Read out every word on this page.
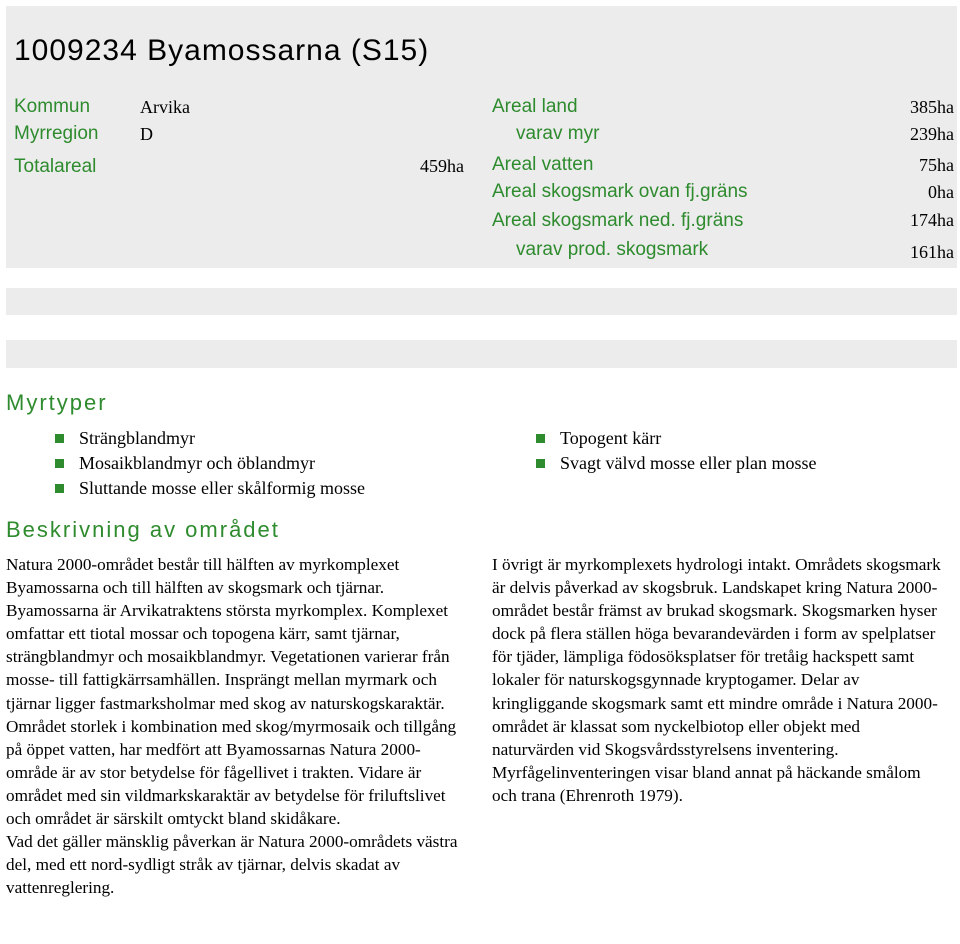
1009234 Byamossarna (S15)
Kommun	Arvika
Myrregion D
Totalareal	459ha
Areal land	385ha
varav myr	239ha
Areal vatten	75ha
Areal skogsmark ovan fj.gräns	0ha
Areal skogsmark ned. fj.gräns	174ha
varav prod. skogsmark	161ha
Myrtyper
Strängblandmyr
Mosaikblandmyr och öblandmyr
Sluttande mosse eller skålformig mosse
Topogent kärr
Svagt välvd mosse eller plan mosse
Beskrivning av området

Natura 2000-området består till hälften av myrkomplexet Byamossarna och till hälften av skogsmark och tjärnar. Byamossarna är Arvikatraktens största myrkomplex. Komplexet omfattar ett tiotal mossar och topogena kärr, samt tjärnar, strängblandmyr och mosaikblandmyr. Vegetationen varierar från mosse- till fattigkärrsamhällen. Insprängt mellan myrmark och tjärnar ligger fastmarksholmar med skog av naturskogskaraktär. Området storlek i kombination med skog/myrmosaik och tillgång på öppet vatten, har medfört att Byamossarnas Natura 2000-område är av stor betydelse för fågellivet i trakten. Vidare är området med sin vildmarkskaraktär av betydelse för friluftslivet och området är särskilt omtyckt bland skidåkare.

Vad det gäller mänsklig påverkan är Natura 2000-områdets västra del, med ett nord-sydligt stråk av tjärnar, delvis skadat av vattenreglering.

I övrigt är myrkomplexets hydrologi intakt. Områdets skogsmark är delvis påverkad av skogsbruk. Landskapet kring Natura 2000-området består främst av brukad skogsmark. Skogsmarken hyser dock på flera ställen höga bevarandevärden i form av spelplatser för tjäder, lämpliga födosöksplatser för tretåig hackspett samt lokaler för naturskogsgynnade kryptogamer. Delar av kringliggande skogsmark samt ett mindre område i Natura 2000-området är klassat som nyckelbiotop eller objekt med naturvärden vid Skogsvårdsstyrelsens inventering.

Myrfågelinventeringen visar bland annat på häckande smålom och trana (Ehrenroth 1979).
